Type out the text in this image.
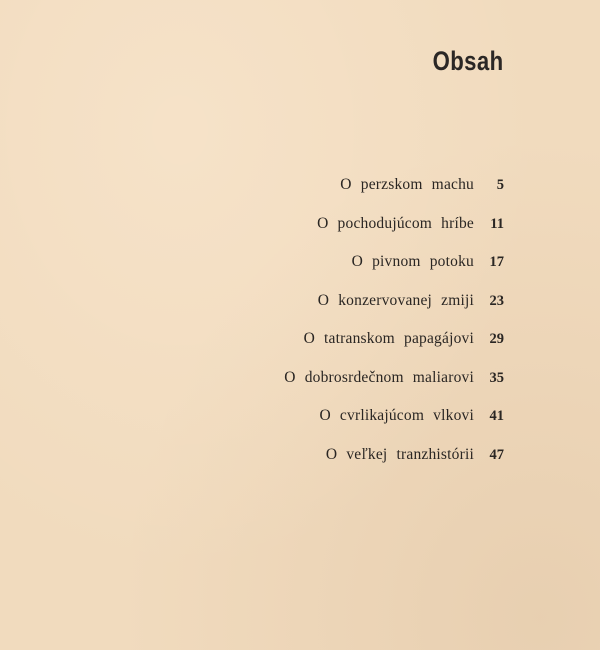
Obsah
O perzskom machu	5
O pochodujúcom hríbe	11
O pivnom potoku	17
O konzervovanej zmiji	23
O tatranskom papagájovi	29
O dobrosrdečnom maliarovi	35
O cvrlikajúcom vlkovi	41
O veľkej tranzhistórii	47
